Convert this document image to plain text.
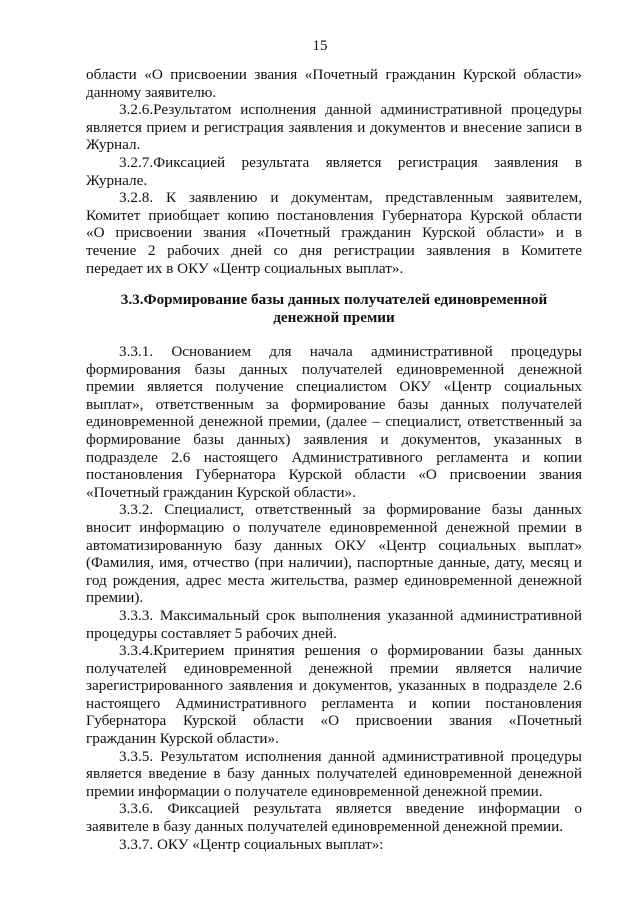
15
области «О присвоении звания «Почетный гражданин Курской области»
данному заявителю.
3.2.6.Результатом исполнения данной административной процедуры
является прием и регистрация заявления и документов и внесение записи в
Журнал.
3.2.7.Фиксацией результата является регистрация заявления в
Журнале.
3.2.8. К заявлению и документам, представленным заявителем,
Комитет приобщает копию постановления Губернатора Курской области
«О присвоении звания «Почетный гражданин Курской области» и в
течение 2 рабочих дней со дня регистрации заявления в Комитете
передает их в ОКУ «Центр социальных выплат».
3.3.Формирование базы данных получателей единовременной
денежной премии
3.3.1. Основанием для начала административной процедуры
формирования базы данных получателей единовременной денежной
премии является получение специалистом ОКУ «Центр социальных
выплат», ответственным за формирование базы данных получателей
единовременной денежной премии, (далее – специалист, ответственный за
формирование базы данных) заявления и документов, указанных в
подразделе 2.6 настоящего Административного регламента и копии
постановления Губернатора Курской области «О присвоении звания
«Почетный гражданин Курской области».
3.3.2. Специалист, ответственный за формирование базы данных
вносит информацию о получателе единовременной денежной премии в
автоматизированную базу данных ОКУ «Центр социальных выплат»
(Фамилия, имя, отчество (при наличии), паспортные данные, дату, месяц и
год рождения, адрес места жительства, размер единовременной денежной
премии).
3.3.3. Максимальный срок выполнения указанной административной
процедуры составляет 5 рабочих дней.
3.3.4.Критерием принятия решения о формировании базы данных
получателей единовременной денежной премии является наличие
зарегистрированного заявления и документов, указанных в подразделе 2.6
настоящего Административного регламента и копии постановления
Губернатора Курской области «О присвоении звания «Почетный
гражданин Курской области».
3.3.5. Результатом исполнения данной административной процедуры
является введение в базу данных получателей единовременной денежной
премии информации о получателе единовременной денежной премии.
3.3.6. Фиксацией результата является введение информации о
заявителе в базу данных получателей единовременной денежной премии.
3.3.7. ОКУ «Центр социальных выплат»:
